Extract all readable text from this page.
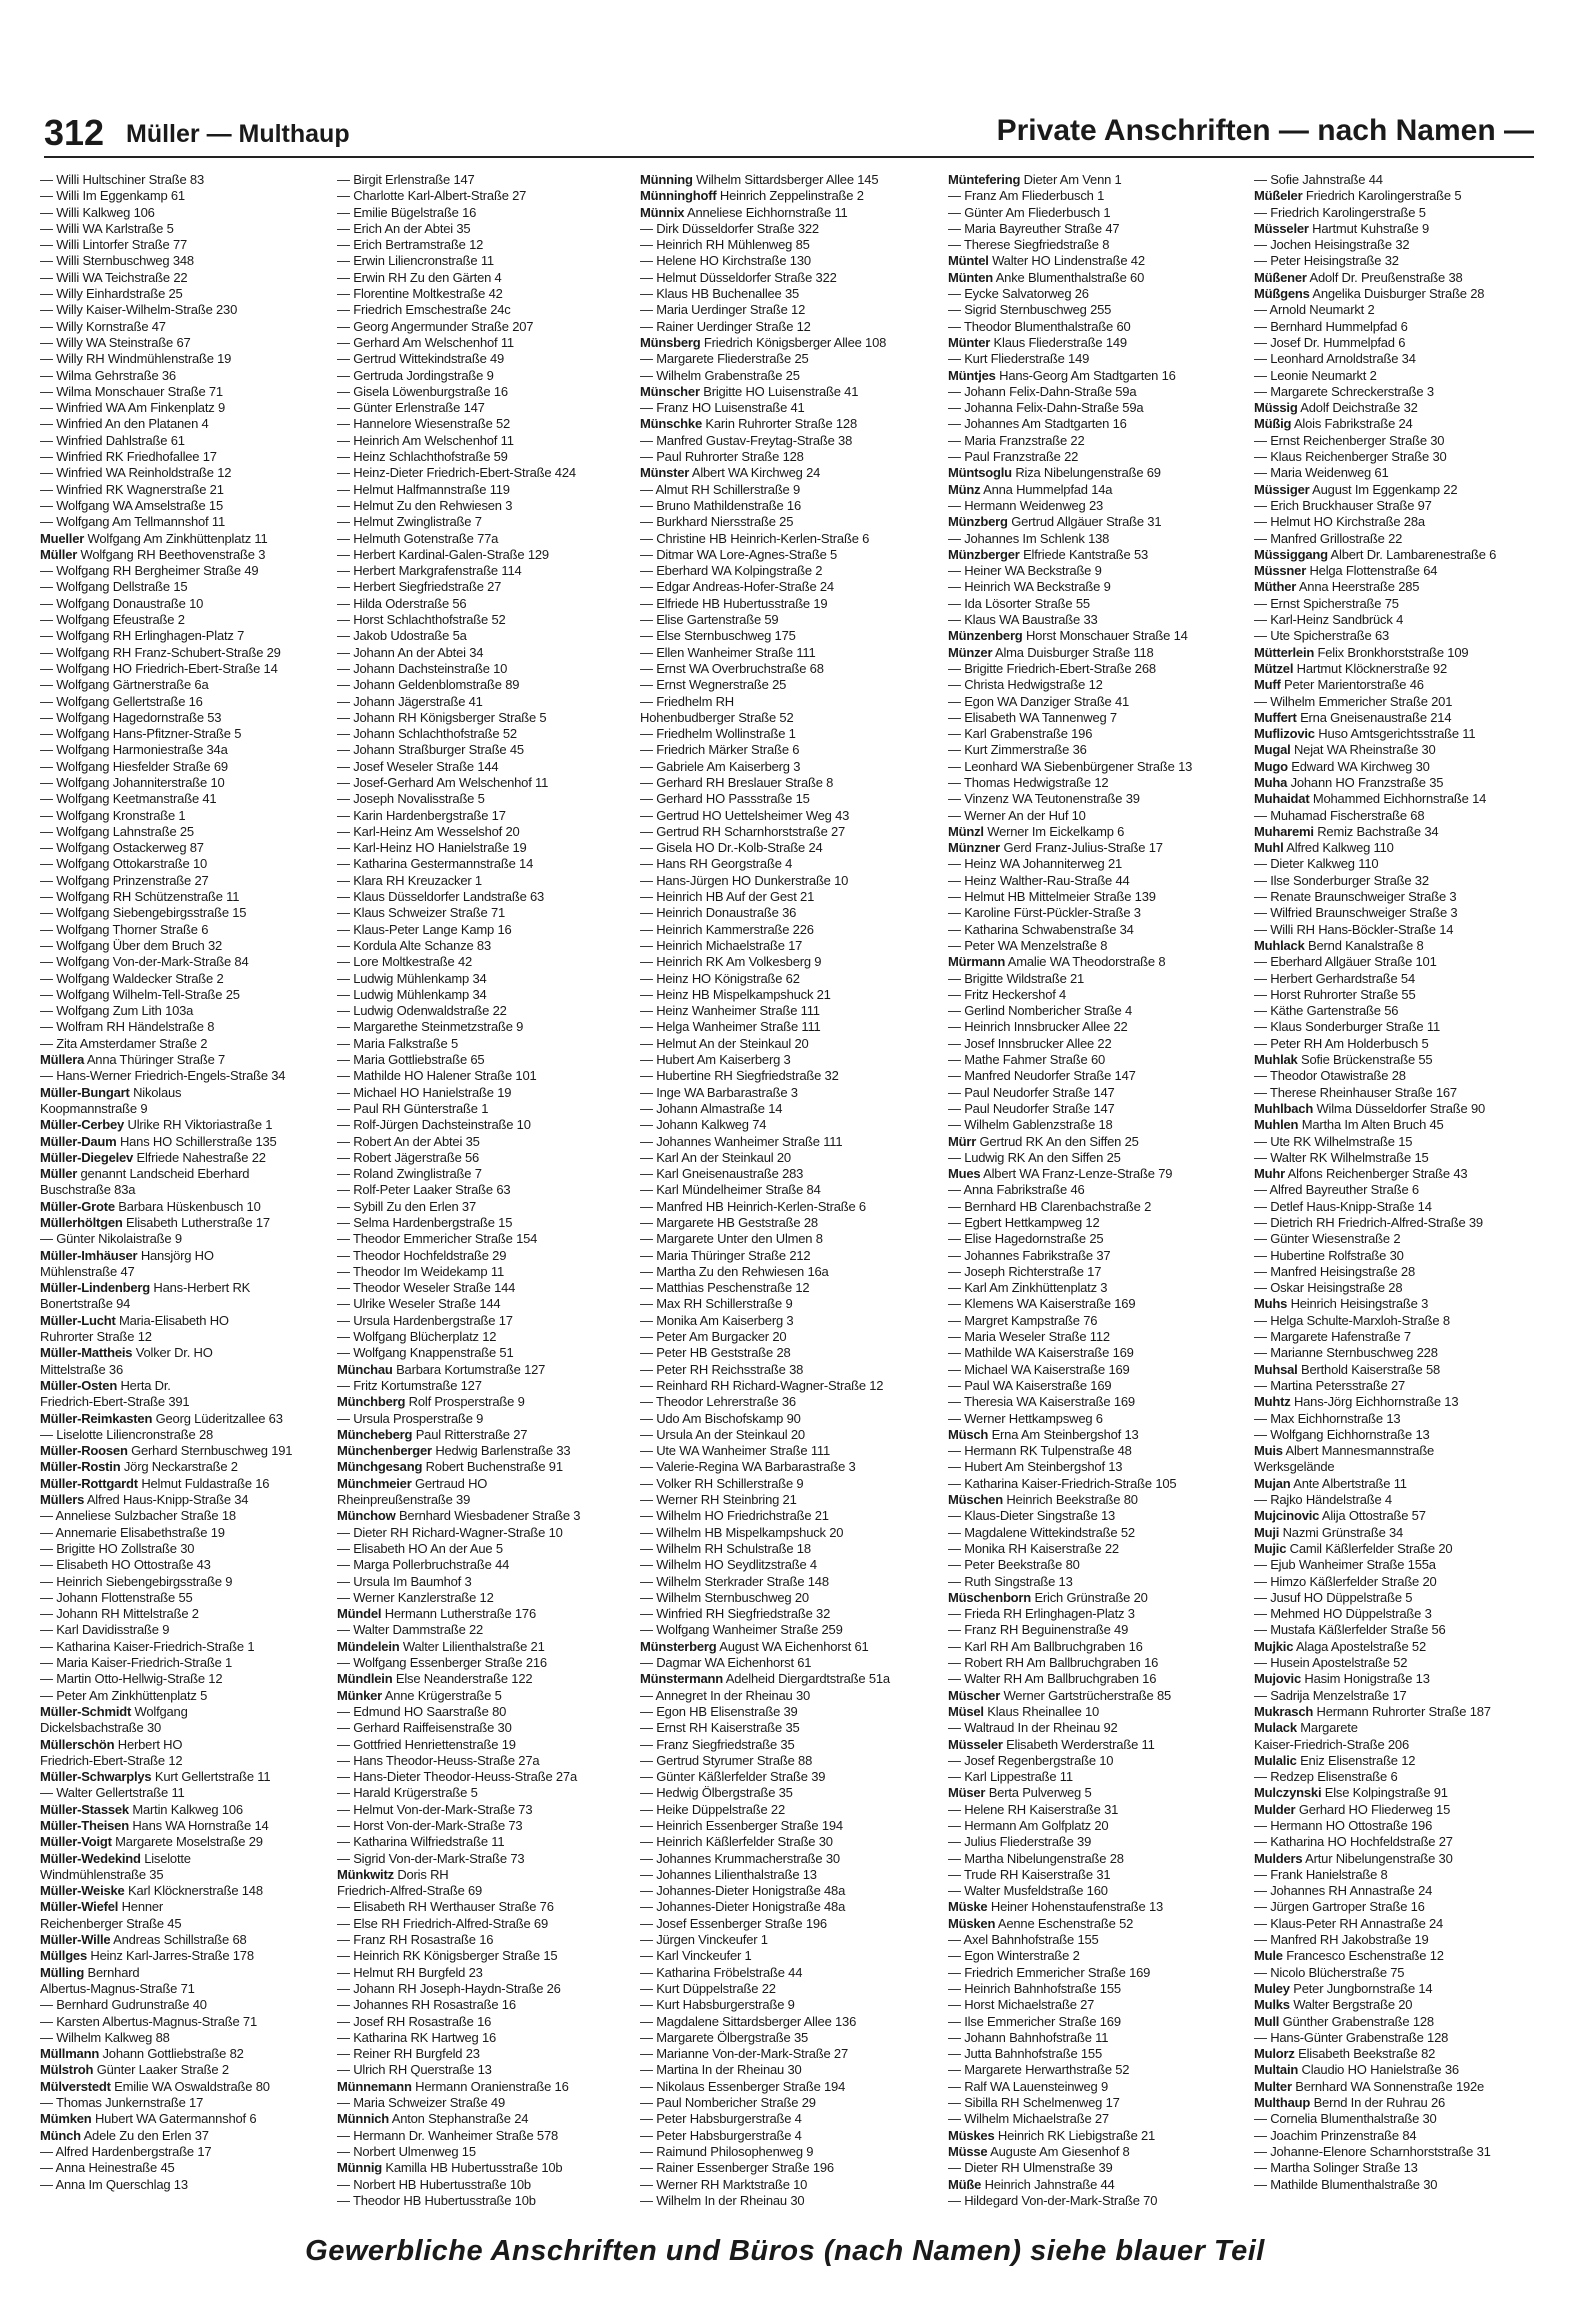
312 Müller — Multhaup	Private Anschriften — nach Namen —
— Willi Hultschiner Straße 83
— Willi Im Eggenkamp 61
— Willi Kalkweg 106
— Willi WA Karlstraße 5
— Willi Lintorfer Straße 77
— Willi Sternbuschweg 348
— Willi WA Teichstraße 22
— Willy Einhardstraße 25
— Willy Kaiser-Wilhelm-Straße 230
— Willy Kornstraße 47
— Willy WA Steinstraße 67
— Willy RH Windmühlenstraße 19
— Wilma Gehrstraße 36
— Wilma Monschauer Straße 71
— Winfried WA Am Finkenplatz 9
— Winfried An den Platanen 4
— Winfried Dahlstraße 61
— Winfried RK Friedhofallee 17
— Winfried WA Reinholdstraße 12
— Winfried RK Wagnerstraße 21
— Wolfgang WA Amselstraße 15
— Wolfgang Am Tellmannshof 11
Mueller Wolfgang Am Zinkhüttenplatz 11
Müller Wolfgang RH Beethovenstraße 3
— Wolfgang RH Bergheimer Straße 49
— Wolfgang Dellstraße 15
— Wolfgang Donaustraße 10
— Wolfgang Efeustraße 2
— Wolfgang RH Erlinghagen-Platz 7
— Wolfgang RH Franz-Schubert-Straße 29
— Wolfgang HO Friedrich-Ebert-Straße 14
— Wolfgang Gärtnerstraße 6a
— Wolfgang Gellertstraße 16
— Wolfgang Hagedornstraße 53
— Wolfgang Hans-Pfitzner-Straße 5
— Wolfgang Harmoniestraße 34a
— Wolfgang Hiesfelder Straße 69
— Wolfgang Johanniterstraße 10
— Wolfgang Keetmanstraße 41
— Wolfgang Kronstraße 1
— Wolfgang Lahnstraße 25
— Wolfgang Ostackerweg 87
— Wolfgang Ottokarstraße 10
— Wolfgang Prinzenstraße 27
— Wolfgang RH Schützenstraße 11
— Wolfgang Siebengebirgsstraße 15
— Wolfgang Thorner Straße 6
— Wolfgang Über dem Bruch 32
— Wolfgang Von-der-Mark-Straße 84
— Wolfgang Waldecker Straße 2
— Wolfgang Wilhelm-Tell-Straße 25
— Wolfgang Zum Lith 103a
— Wolfram RH Händelstraße 8
— Zita Amsterdamer Straße 2
Müllera Anna Thüringer Straße 7
— Hans-Werner Friedrich-Engels-Straße 34
Müller-Bungart Nikolaus
Koopmannstraße 9
Müller-Cerbey Ulrike RH Viktoriastraße 1
Müller-Daum Hans HO Schillerstraße 135
Müller-Diegelev Elfriede Nahestraße 22
Müller genannt Landscheid Eberhard
Buschstraße 83a
Müller-Grote Barbara Hüskenbusch 10
Müllerhöltgen Elisabeth Lutherstraße 17
— Günter Nikolaistraße 9
Müller-Imhäuser Hansjörg HO
Mühlenstraße 47
Müller-Lindenberg Hans-Herbert RK
Bonertstraße 94
Müller-Lucht Maria-Elisabeth HO
Ruhrorter Straße 12
Müller-Mattheis Volker Dr. HO
Mittelstraße 36
Müller-Osten Herta Dr.
Friedrich-Ebert-Straße 391
Müller-Reimkasten Georg Lüderitzallee 63
— Liselotte Liliencronstraße 28
Müller-Roosen Gerhard Sternbuschweg 191
Müller-Rostin Jörg Neckarstraße 2
Müller-Rottgardt Helmut Fuldastraße 16
Müllers Alfred Haus-Knipp-Straße 34
— Anneliese Sulzbacher Straße 18
— Annemarie Elisabethstraße 19
— Brigitte HO Zollstraße 30
— Elisabeth HO Ottostraße 43
— Heinrich Siebengebirgsstraße 9
— Johann Flottenstraße 55
— Johann RH Mittelstraße 2
— Karl Davidisstraße 9
— Katharina Kaiser-Friedrich-Straße 1
— Maria Kaiser-Friedrich-Straße 1
— Martin Otto-Hellwig-Straße 12
— Peter Am Zinkhüttenplatz 5
Müller-Schmidt Wolfgang
Dickelsbachstraße 30
Müllerschön Herbert HO
Friedrich-Ebert-Straße 12
Müller-Schwarplys Kurt Gellertstraße 11
— Walter Gellertstraße 11
Müller-Stassek Martin Kalkweg 106
Müller-Theisen Hans WA Hornstraße 14
Müller-Voigt Margarete Moselstraße 29
Müller-Wedekind Liselotte
Windmühlenstraße 35
Müller-Weiske Karl Klöcknerstraße 148
Müller-Wiefel Henner
Reichenberger Straße 45
Müller-Wille Andreas Schillstraße 68
Müllges Heinz Karl-Jarres-Straße 178
Mülling Bernhard
Albertus-Magnus-Straße 71
— Bernhard Gudrunstraße 40
— Karsten Albertus-Magnus-Straße 71
— Wilhelm Kalkweg 88
Müllmann Johann Gottliebstraße 82
Mülstroh Günter Laaker Straße 2
Mülverstedt Emilie WA Oswaldstraße 80
— Thomas Junkernstraße 17
Mümken Hubert WA Gatermannshof 6
Münch Adele Zu den Erlen 37
— Alfred Hardenbergstraße 17
— Anna Heinestraße 45
— Anna Im Querschlag 13
— Birgit Erlenstraße 147
— Charlotte Karl-Albert-Straße 27
— Emilie Bügelstraße 16
— Erich An der Abtei 35
— Erich Bertramstraße 12
— Erwin Liliencronstraße 11
— Erwin RH Zu den Gärten 4
— Florentine Moltkestraße 42
— Friedrich Emschestraße 24c
— Georg Angermunder Straße 207
— Gerhard Am Welschenhof 11
— Gertrud Wittekindstraße 49
— Gertruda Jordingstraße 9
— Gisela Löwenburgstraße 16
— Günter Erlenstraße 147
— Hannelore Wiesenstraße 52
— Heinrich Am Welschenhof 11
— Heinz Schlachthofstraße 59
— Heinz-Dieter Friedrich-Ebert-Straße 424
— Helmut Halfmannstraße 119
— Helmut Zu den Rehwiesen 3
— Helmut Zwinglistraße 7
— Helmuth Gotenstraße 77a
— Herbert Kardinal-Galen-Straße 129
— Herbert Markgrafenstraße 114
— Herbert Siegfriedstraße 27
— Hilda Oderstraße 56
— Horst Schlachthofstraße 52
— Jakob Udostraße 5a
— Johann An der Abtei 34
— Johann Dachsteinstraße 10
— Johann Geldenblomstraße 89
— Johann Jägerstraße 41
— Johann RH Königsberger Straße 5
— Johann Schlachthofstraße 52
— Johann Straßburger Straße 45
— Josef Weseler Straße 144
— Josef-Gerhard Am Welschenhof 11
— Joseph Novalisstraße 5
— Karin Hardenbergstraße 17
— Karl-Heinz Am Wesselshof 20
— Karl-Heinz HO Hanielstraße 19
— Katharina Gestermannstraße 14
— Klara RH Kreuzacker 1
— Klaus Düsseldorfer Landstraße 63
— Klaus Schweizer Straße 71
— Klaus-Peter Lange Kamp 16
— Kordula Alte Schanze 83
— Lore Moltkestraße 42
— Ludwig Mühlenkamp 34
— Ludwig Mühlenkamp 34
— Ludwig Odenwaldstraße 22
— Margarethe Steinmetzstraße 9
— Maria Falkstraße 5
— Maria Gottliebstraße 65
— Mathilde HO Halener Straße 101
— Michael HO Hanielstraße 19
— Paul RH Günterstraße 1
— Rolf-Jürgen Dachsteinstraße 10
— Robert An der Abtei 35
— Robert Jägerstraße 56
— Roland Zwinglistraße 7
— Rolf-Peter Laaker Straße 63
— Sybill Zu den Erlen 37
— Selma Hardenbergstraße 15
— Theodor Emmericher Straße 154
— Theodor Hochfeldstraße 29
— Theodor Im Weidekamp 11
— Theodor Weseler Straße 144
— Ulrike Weseler Straße 144
— Ursula Hardenbergstraße 17
— Wolfgang Blücherplatz 12
— Wolfgang Knappenstraße 51
Münchau Barbara Kortumstraße 127
— Fritz Kortumstraße 127
Münchberg Rolf Prosperstraße 9
— Ursula Prosperstraße 9
Müncheberg Paul Ritterstraße 27
Münchenberger Hedwig Barlenstraße 33
Münchgesang Robert Buchenstraße 91
Münchmeier Gertraud HO
Rheinpreußenstraße 39
Münchow Bernhard Wiesbadener Straße 3
— Dieter RH Richard-Wagner-Straße 10
— Elisabeth HO An der Aue 5
— Marga Pollerbruchstraße 44
— Ursula Im Baumhof 3
— Werner Kanzlerstraße 12
Mündel Hermann Lutherstraße 176
— Walter Dammstraße 22
Mündelein Walter Lilienthalstraße 21
— Wolfgang Essenberger Straße 216
Mündlein Else Neanderstraße 122
Münker Anne Krügerstraße 5
— Edmund HO Saarstraße 80
— Gerhard Raiffeisenstraße 30
— Gottfried Henriettenstraße 19
— Hans Theodor-Heuss-Straße 27a
— Hans-Dieter Theodor-Heuss-Straße 27a
— Harald Krügerstraße 5
— Helmut Von-der-Mark-Straße 73
— Horst Von-der-Mark-Straße 73
— Katharina Wilfriedstraße 11
— Sigrid Von-der-Mark-Straße 73
Münkwitz Doris RH
Friedrich-Alfred-Straße 69
— Elisabeth RH Werthauser Straße 76
— Else RH Friedrich-Alfred-Straße 69
— Franz RH Rosastraße 16
— Heinrich RK Königsberger Straße 15
— Helmut RH Burgfeld 23
— Johann RH Joseph-Haydn-Straße 26
— Johannes RH Rosastraße 16
— Josef RH Rosastraße 16
— Katharina RK Hartweg 16
— Reiner RH Burgfeld 23
— Ulrich RH Querstraße 13
Münnemann Hermann Oranienstraße 16
— Maria Schweizer Straße 49
Münnich Anton Stephanstraße 24
— Hermann Dr. Wanheimer Straße 578
— Norbert Ulmenweg 15
Münnig Kamilla HB Hubertusstraße 10b
— Norbert HB Hubertusstraße 10b
— Theodor HB Hubertusstraße 10b
Münning Wilhelm Sittardsberger Allee 145
Münninghoff Heinrich Zeppelinstraße 2
Münnix Anneliese Eichhornstraße 11
— Dirk Düsseldorfer Straße 322
— Heinrich RH Mühlenweg 85
— Helene HO Kirchstraße 130
— Helmut Düsseldorfer Straße 322
— Klaus HB Buchenallee 35
— Maria Uerdinger Straße 12
— Rainer Uerdinger Straße 12
Münsberg Friedrich Königsberger Allee 108
— Margarete Fliederstraße 25
— Wilhelm Grabenstraße 25
Münscher Brigitte HO Luisenstraße 41
— Franz HO Luisenstraße 41
Münschke Karin Ruhrorter Straße 128
— Manfred Gustav-Freytag-Straße 38
— Paul Ruhrorter Straße 128
Münster Albert WA Kirchweg 24
— Almut RH Schillerstraße 9
— Bruno Mathildenstraße 16
— Burkhard Niersstraße 25
— Christine HB Heinrich-Kerlen-Straße 6
— Ditmar WA Lore-Agnes-Straße 5
— Eberhard WA Kolpingstraße 2
— Edgar Andreas-Hofer-Straße 24
— Elfriede HB Hubertusstraße 19
— Elise Gartenstraße 59
— Else Sternbuschweg 175
— Ellen Wanheimer Straße 111
— Ernst WA Overbruchstraße 68
— Ernst Wegnerstraße 25
— Friedhelm RH
Hohenbudberger Straße 52
— Friedhelm Wollinstraße 1
— Friedrich Märker Straße 6
— Gabriele Am Kaiserberg 3
— Gerhard RH Breslauer Straße 8
— Gerhard HO Passstraße 15
— Gertrud HO Uettelsheimer Weg 43
— Gertrud RH Scharnhorststraße 27
— Gisela HO Dr.-Kolb-Straße 24
— Hans RH Georgstraße 4
— Hans-Jürgen HO Dunkerstraße 10
— Heinrich HB Auf der Gest 21
— Heinrich Donaustraße 36
— Heinrich Kammerstraße 226
— Heinrich Michaelstraße 17
— Heinrich RK Am Volkesberg 9
— Heinz HO Königstraße 62
— Heinz HB Mispelkampshuck 21
— Heinz Wanheimer Straße 111
— Helga Wanheimer Straße 111
— Helmut An der Steinkaul 20
— Hubert Am Kaiserberg 3
— Hubertine RH Siegfriedstraße 32
— Inge WA Barbarastraße 3
— Johann Almastraße 14
— Johann Kalkweg 74
— Johannes Wanheimer Straße 111
— Karl An der Steinkaul 20
— Karl Gneisenaustraße 283
— Karl Mündelheimer Straße 84
— Manfred HB Heinrich-Kerlen-Straße 6
— Margarete HB Geststraße 28
— Margarete Unter den Ulmen 8
— Maria Thüringer Straße 212
— Martha Zu den Rehwiesen 16a
— Matthias Peschenstraße 12
— Max RH Schillerstraße 9
— Monika Am Kaiserberg 3
— Peter Am Burgacker 20
— Peter HB Geststraße 28
— Peter RH Reichsstraße 38
— Reinhard RH Richard-Wagner-Straße 12
— Theodor Lehrerstraße 36
— Udo Am Bischofskamp 90
— Ursula An der Steinkaul 20
— Ute WA Wanheimer Straße 111
— Valerie-Regina WA Barbarastraße 3
— Volker RH Schillerstraße 9
— Werner RH Steinbring 21
— Wilhelm HO Friedrichstraße 21
— Wilhelm HB Mispelkampshuck 20
— Wilhelm RH Schulstraße 18
— Wilhelm HO Seydlitzstraße 4
— Wilhelm Sterkrader Straße 148
— Wilhelm Sternbuschweg 20
— Winfried RH Siegfriedstraße 32
— Wolfgang Wanheimer Straße 259
Münsterberg August WA Eichenhorst 61
— Dagmar WA Eichenhorst 61
Münstermann Adelheid Diergardtstraße 51a
— Annegret In der Rheinau 30
— Egon HB Elisenstraße 39
— Ernst RH Kaiserstraße 35
— Franz Siegfriedstraße 35
— Gertrud Styrumer Straße 88
— Günter Käßlerfelder Straße 39
— Hedwig Ölbergstraße 35
— Heike Düppelstraße 22
— Heinrich Essenberger Straße 194
— Heinrich Käßlerfelder Straße 30
— Johannes Krummacherstraße 30
— Johannes Lilienthalstraße 13
— Johannes-Dieter Honigstraße 48a
— Johannes-Dieter Honigstraße 48a
— Josef Essenberger Straße 196
— Jürgen Vinckeufer 1
— Karl Vinckeufer 1
— Katharina Fröbelstraße 44
— Kurt Düppelstraße 22
— Kurt Habsburgerstraße 9
— Magdalene Sittardsberger Allee 136
— Margarete Ölbergstraße 35
— Marianne Von-der-Mark-Straße 27
— Martina In der Rheinau 30
— Nikolaus Essenberger Straße 194
— Paul Nombericher Straße 29
— Peter Habsburgerstraße 4
— Peter Habsburgerstraße 4
— Raimund Philosophenweg 9
— Rainer Essenberger Straße 196
— Werner RH Marktstraße 10
— Wilhelm In der Rheinau 30
Müntefering Dieter Am Venn 1
— Franz Am Fliederbusch 1
— Günter Am Fliederbusch 1
— Maria Bayreuther Straße 47
— Therese Siegfriedstraße 8
Müntel Walter HO Lindenstraße 42
Münten Anke Blumenthalstraße 60
— Eycke Salvatorweg 26
— Sigrid Sternbuschweg 255
— Theodor Blumenthalstraße 60
Münter Klaus Fliederstraße 149
— Kurt Fliederstraße 149
Müntjes Hans-Georg Am Stadtgarten 16
— Johann Felix-Dahn-Straße 59a
— Johanna Felix-Dahn-Straße 59a
— Johannes Am Stadtgarten 16
— Maria Franzstraße 22
— Paul Franzstraße 22
Müntsoglu Riza Nibelungenstraße 69
Münz Anna Hummelpfad 14a
— Hermann Weidenweg 23
Münzberg Gertrud Allgäuer Straße 31
— Johannes Im Schlenk 138
Münzberger Elfriede Kantstraße 53
— Heiner WA Beckstraße 9
— Heinrich WA Beckstraße 9
— Ida Lösorter Straße 55
— Klaus WA Baustraße 33
Münzenberg Horst Monschauer Straße 14
Münzer Alma Duisburger Straße 118
— Brigitte Friedrich-Ebert-Straße 268
— Christa Hedwigstraße 12
— Egon WA Danziger Straße 41
— Elisabeth WA Tannenweg 7
— Karl Grabenstraße 196
— Kurt Zimmerstraße 36
— Leonhard WA Siebenbürgener Straße 13
— Thomas Hedwigstraße 12
— Vinzenz WA Teutonenstraße 39
— Werner An der Huf 10
Münzl Werner Im Eickelkamp 6
Münzner Gerd Franz-Julius-Straße 17
— Heinz WA Johanniterweg 21
— Heinz Walther-Rau-Straße 44
— Helmut HB Mittelmeier Straße 139
— Karoline Fürst-Pückler-Straße 3
— Katharina Schwabenstraße 34
— Peter WA Menzelstraße 8
Mürmann Amalie WA Theodorstraße 8
— Brigitte Wildstraße 21
— Fritz Heckershof 4
— Gerlind Nombericher Straße 4
— Heinrich Innsbrucker Allee 22
— Josef Innsbrucker Allee 22
— Mathe Fahmer Straße 60
— Manfred Neudorfer Straße 147
— Paul Neudorfer Straße 147
— Paul Neudorfer Straße 147
— Wilhelm Gablenzstraße 18
Mürr Gertrud RK An den Siffen 25
— Ludwig RK An den Siffen 25
Mues Albert WA Franz-Lenze-Straße 79
— Anna Fabrikstraße 46
— Bernhard HB Clarenbachstraße 2
— Egbert Hettkampweg 12
— Elise Hagedornstraße 25
— Johannes Fabrikstraße 37
— Joseph Richterstraße 17
— Karl Am Zinkhüttenplatz 3
— Klemens WA Kaiserstraße 169
— Margret Kampstraße 76
— Maria Weseler Straße 112
— Mathilde WA Kaiserstraße 169
— Michael WA Kaiserstraße 169
— Paul WA Kaiserstraße 169
— Theresia WA Kaiserstraße 169
— Werner Hettkampsweg 6
Müsch Erna Am Steinbergshof 13
— Hermann RK Tulpenstraße 48
— Hubert Am Steinbergshof 13
— Katharina Kaiser-Friedrich-Straße 105
Müschen Heinrich Beekstraße 80
— Klaus-Dieter Singstraße 13
— Magdalene Wittekindstraße 52
— Monika RH Kaiserstraße 22
— Peter Beekstraße 80
— Ruth Singstraße 13
Müschenborn Erich Grünstraße 20
— Frieda RH Erlinghagen-Platz 3
— Franz RH Beguinenstraße 49
— Karl RH Am Ballbruchgraben 16
— Robert RH Am Ballbruchgraben 16
— Walter RH Am Ballbruchgraben 16
Müscher Werner Gartstrücherstraße 85
Müsel Klaus Rheinallee 10
— Waltraud In der Rheinau 92
Müsseler Elisabeth Werderstraße 11
— Josef Regenbergstraße 10
— Karl Lippestraße 11
Müser Berta Pulverweg 5
— Helene RH Kaiserstraße 31
— Hermann Am Golfplatz 20
— Julius Fliederstraße 39
— Martha Nibelungenstraße 28
— Trude RH Kaiserstraße 31
— Walter Musfeldstraße 160
Müske Heiner Hohenstaufenstraße 13
Müsken Aenne Eschenstraße 52
— Axel Bahnhofstraße 155
— Egon Winterstraße 2
— Friedrich Emmericher Straße 169
— Heinrich Bahnhofstraße 155
— Horst Michaelstraße 27
— Ilse Emmericher Straße 169
— Johann Bahnhofstraße 11
— Jutta Bahnhofstraße 155
— Margarete Herwarthstraße 52
— Ralf WA Lauensteinweg 9
— Sibilla RH Schelmenweg 17
— Wilhelm Michaelstraße 27
Müskes Heinrich RK Liebigstraße 21
Müsse Auguste Am Giesenhof 8
— Dieter RH Ulmenstraße 39
Müße Heinrich Jahnstraße 44
— Hildegard Von-der-Mark-Straße 70
— Sofie Jahnstraße 44
Müßeler Friedrich Karolingerstraße 5
— Friedrich Karolingerstraße 5
Müsseler Hartmut Kuhstraße 9
— Jochen Heisingstraße 32
— Peter Heisingstraße 32
Müßener Adolf Dr. Preußenstraße 38
Müßgens Angelika Duisburger Straße 28
— Arnold Neumarkt 2
— Bernhard Hummelpfad 6
— Josef Dr. Hummelpfad 6
— Leonhard Arnoldstraße 34
— Leonie Neumarkt 2
— Margarete Schreckerstraße 3
Müssig Adolf Deichstraße 32
Müßig Alois Fabrikstraße 24
— Ernst Reichenberger Straße 30
— Klaus Reichenberger Straße 30
— Maria Weidenweg 61
Müssiger August Im Eggenkamp 22
— Erich Bruckhauser Straße 97
— Helmut HO Kirchstraße 28a
— Manfred Grillostraße 22
Müssiggang Albert Dr. Lambarenestraße 6
Müssner Helga Flottenstraße 64
Müther Anna Heerstraße 285
— Ernst Spicherstraße 75
— Karl-Heinz Sandbrück 4
— Ute Spicherstraße 63
Mütterlein Felix Bronkhorststraße 109
Mützel Hartmut Klöcknerstraße 92
Muff Peter Marientorstraße 46
— Wilhelm Emmericher Straße 201
Muffert Erna Gneisenaustraße 214
Muflizovic Huso Amtsgerichtsstraße 11
Mugal Nejat WA Rheinstraße 30
Mugo Edward WA Kirchweg 30
Muha Johann HO Franzstraße 35
Muhaidat Mohammed Eichhornstraße 14
— Muhamad Fischerstraße 68
Muharemi Remiz Bachstraße 34
Muhl Alfred Kalkweg 110
— Dieter Kalkweg 110
— Ilse Sonderburger Straße 32
— Renate Braunschweiger Straße 3
— Wilfried Braunschweiger Straße 3
— Willi RH Hans-Böckler-Straße 14
Muhlack Bernd Kanalstraße 8
— Eberhard Allgäuer Straße 101
— Herbert Gerhardstraße 54
— Horst Ruhrorter Straße 55
— Käthe Gartenstraße 56
— Klaus Sonderburger Straße 11
— Peter RH Am Holderbusch 5
Muhlak Sofie Brückenstraße 55
— Theodor Otawistraße 28
— Therese Rheinhauser Straße 167
Muhlbach Wilma Düsseldorfer Straße 90
Muhlen Martha Im Alten Bruch 45
— Ute RK Wilhelmstraße 15
— Walter RK Wilhelmstraße 15
Muhr Alfons Reichenberger Straße 43
— Alfred Bayreuther Straße 6
— Detlef Haus-Knipp-Straße 14
— Dietrich RH Friedrich-Alfred-Straße 39
— Günter Wiesenstraße 2
— Hubertine Rolfstraße 30
— Manfred Heisingstraße 28
— Oskar Heisingstraße 28
Muhs Heinrich Heisingstraße 3
— Helga Schulte-Marxloh-Straße 8
— Margarete Hafenstraße 7
— Marianne Sternbuschweg 228
Muhsal Berthold Kaiserstraße 58
— Martina Petersstraße 27
Muhtz Hans-Jörg Eichhornstraße 13
— Max Eichhornstraße 13
— Wolfgang Eichhornstraße 13
Muis Albert Mannesmannstraße
Werksgelände
Mujan Ante Albertstraße 11
— Rajko Händelstraße 4
Mujcinovic Alija Ottostraße 57
Muji Nazmi Grünstraße 34
Mujic Camil Käßlerfelder Straße 20
— Ejub Wanheimer Straße 155a
— Himzo Käßlerfelder Straße 20
— Jusuf HO Düppelstraße 5
— Mehmed HO Düppelstraße 3
— Mustafa Käßlerfelder Straße 56
Mujkic Alaga Apostelstraße 52
— Husein Apostelstraße 52
Mujovic Hasim Honigstraße 13
— Sadrija Menzelstraße 17
Mukrasch Hermann Ruhrorter Straße 187
Mulack Margarete
Kaiser-Friedrich-Straße 206
Mulalic Eniz Elisenstraße 12
— Redzep Elisenstraße 6
Mulczynski Else Kolpingstraße 91
Mulder Gerhard HO Fliederweg 15
— Hermann HO Ottostraße 196
— Katharina HO Hochfeldstraße 27
Mulders Artur Nibelungenstraße 30
— Frank Hanielstraße 8
— Johannes RH Annastraße 24
— Jürgen Gartroper Straße 16
— Klaus-Peter RH Annastraße 24
— Manfred RH Jakobstraße 19
Mule Francesco Eschenstraße 12
— Nicolo Blücherstraße 75
Muley Peter Jungbornstraße 14
Mulks Walter Bergstraße 20
Mull Günther Grabenstraße 128
— Hans-Günter Grabenstraße 128
Mulorz Elisabeth Beekstraße 82
Multain Claudio HO Hanielstraße 36
Multer Bernhard WA Sonnenstraße 192e
Multhaup Bernd In der Ruhrau 26
— Cornelia Blumenthalstraße 30
— Joachim Prinzenstraße 84
— Johanne-Elenore Scharnhorststraße 31
— Martha Solinger Straße 13
— Mathilde Blumenthalstraße 30
Gewerbliche Anschriften und Büros (nach Namen) siehe blauer Teil
